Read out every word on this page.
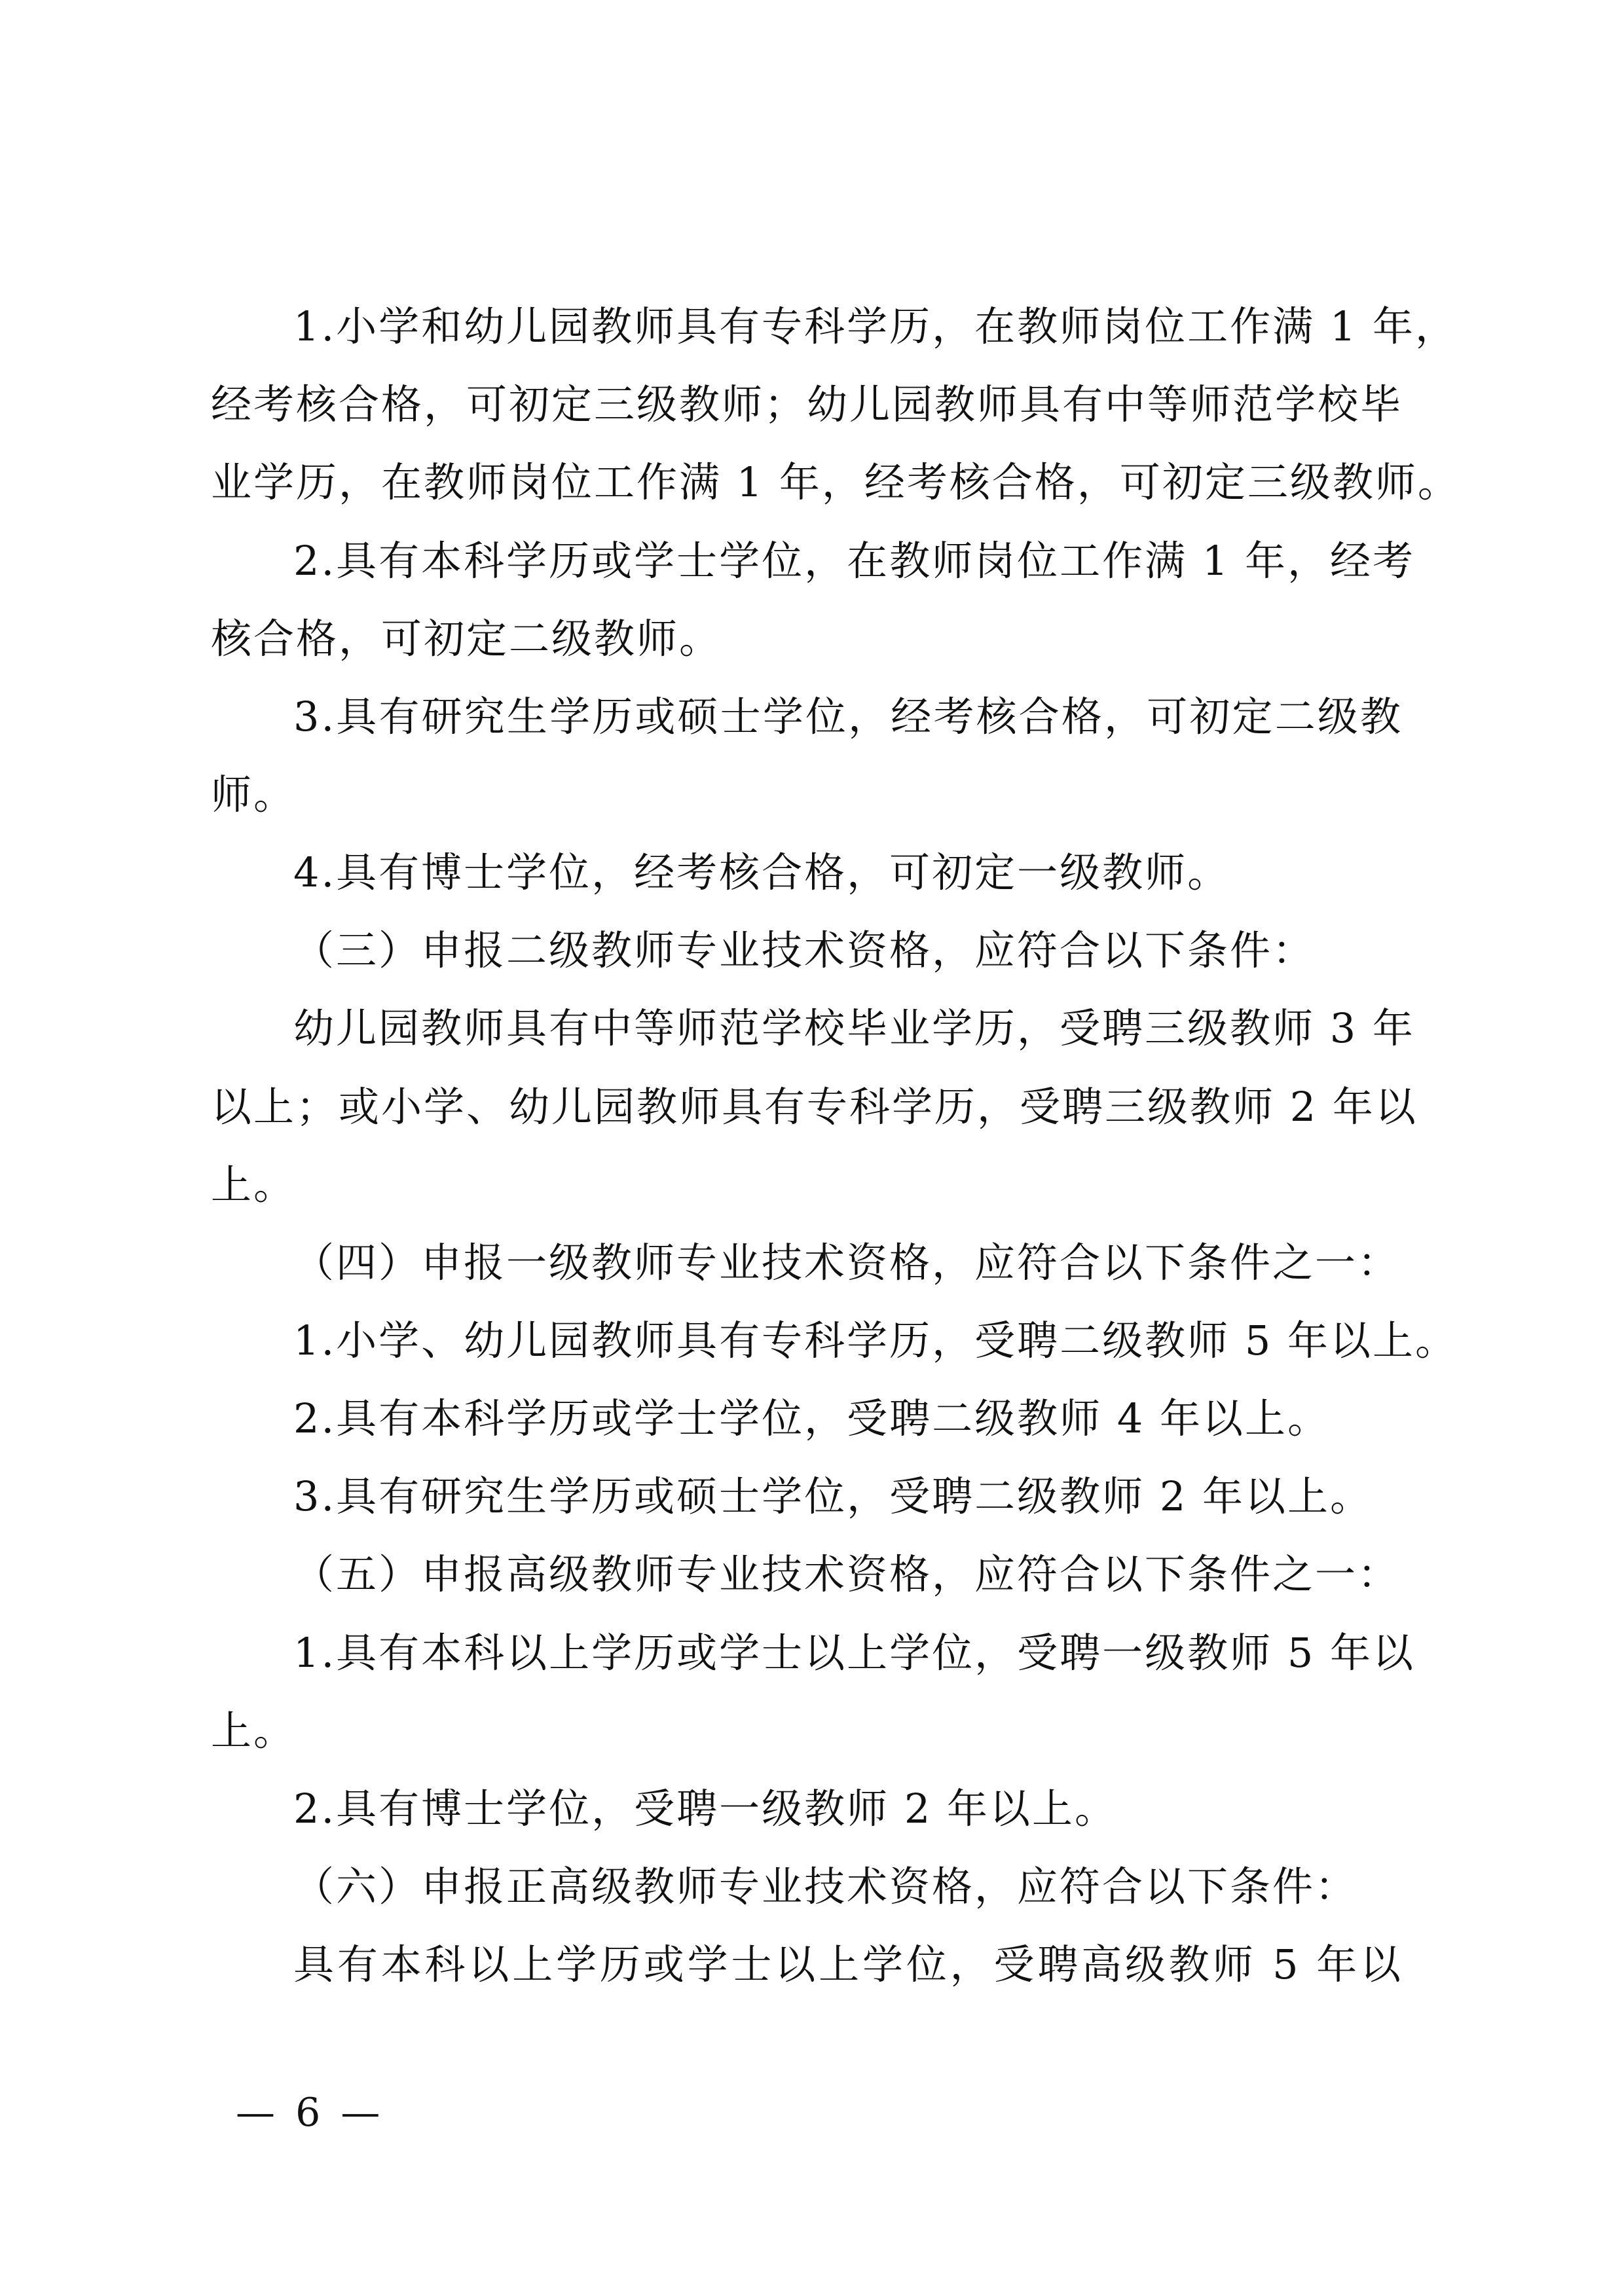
1.小学和幼儿园教师具有专科学历，在教师岗位工作满 1 年，
经考核合格，可初定三级教师；幼儿园教师具有中等师范学校毕
业学历，在教师岗位工作满 1 年，经考核合格，可初定三级教师。
2.具有本科学历或学士学位，在教师岗位工作满 1 年，经考
核合格，可初定二级教师。
3.具有研究生学历或硕士学位，经考核合格，可初定二级教
师。
4.具有博士学位，经考核合格，可初定一级教师。
（三）申报二级教师专业技术资格，应符合以下条件：
幼儿园教师具有中等师范学校毕业学历，受聘三级教师 3 年
以上；或小学、幼儿园教师具有专科学历，受聘三级教师 2 年以
上。
（四）申报一级教师专业技术资格，应符合以下条件之一：
1.小学、幼儿园教师具有专科学历，受聘二级教师 5 年以上。
2.具有本科学历或学士学位，受聘二级教师 4 年以上。
3.具有研究生学历或硕士学位，受聘二级教师 2 年以上。
（五）申报高级教师专业技术资格，应符合以下条件之一：
1.具有本科以上学历或学士以上学位，受聘一级教师 5 年以
上。
2.具有博士学位，受聘一级教师 2 年以上。
（六）申报正高级教师专业技术资格，应符合以下条件：
具有本科以上学历或学士以上学位，受聘高级教师 5 年以
— 6 —
